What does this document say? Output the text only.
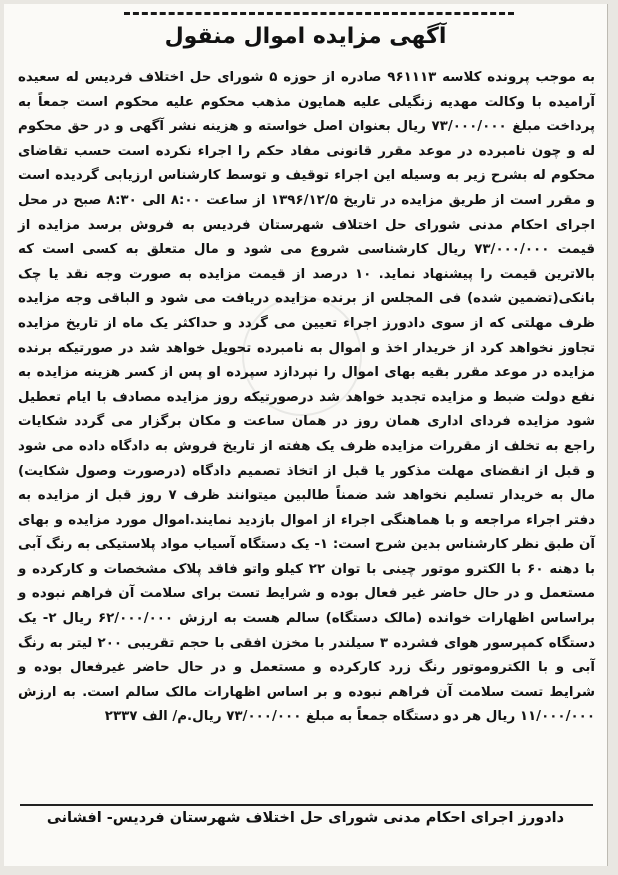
آگهی مزایده اموال منقول
به موجب پرونده کلاسه ۹۶۱۱۱۳ صادره از حوزه ۵ شورای حل اختلاف فردیس له سعیده آرامیده با وکالت مهدیه زنگیلی علیه همایون مذهب محکوم علیه محکوم است جمعاً به پرداخت مبلغ ۷۳/۰۰۰/۰۰۰ ریال بعنوان اصل خواسته و هزینه نشر آگهی و در حق محکوم له و چون نامبرده در موعد مقرر قانونی مفاد حکم را اجراء نکرده است حسب تقاضای محکوم له بشرح زیر به وسیله این اجراء توقیف و توسط کارشناس ارزیابی گردیده است و مقرر است از طریق مزایده در تاریخ ۱۳۹۶/۱۲/۵ از ساعت ۸:۰۰ الی ۸:۳۰ صبح در محل اجرای احکام مدنی شورای حل اختلاف شهرستان فردیس به فروش برسد مزایده از قیمت ۷۳/۰۰۰/۰۰۰ ریال کارشناسی شروع می شود و مال متعلق به کسی است که بالاترین قیمت را پیشنهاد نماید. ۱۰ درصد از قیمت مزایده به صورت وجه نقد یا چک بانکی(تضمین شده) فی المجلس از برنده مزایده دریافت می شود و الباقی وجه مزایده ظرف مهلتی که از سوی دادورز اجراء تعیین می گردد و حداکثر یک ماه از تاریخ مزایده تجاوز نخواهد کرد از خریدار اخذ و اموال به نامبرده تحویل خواهد شد در صورتیکه برنده مزایده در موعد مقرر بقیه بهای اموال را نپردازد سپرده او پس از کسر هزینه مزایده به نفع دولت ضبط و مزایده تجدید خواهد شد درصورتیکه روز مزایده مصادف با ایام تعطیل شود مزایده فردای اداری همان روز در همان ساعت و مکان برگزار می گردد شکایات راجع به تخلف از مقررات مزایده ظرف یک هفته از تاریخ فروش به دادگاه داده می شود و قبل از انقضای مهلت مذکور یا قبل از اتخاذ تصمیم دادگاه (درصورت وصول شکایت) مال به خریدار تسلیم نخواهد شد ضمناً طالبین میتوانند ظرف ۷ روز قبل از مزایده به دفتر اجراء مراجعه و با هماهنگی اجراء از اموال بازدید نمایند.اموال مورد مزایده و بهای آن طبق نظر کارشناس بدین شرح است: ۱- یک دستگاه آسیاب مواد پلاستیکی به رنگ آبی با دهنه ۶۰ با الکترو موتور چینی با توان ۲۲ کیلو واتو فاقد پلاک مشخصات و کارکرده و مستعمل و در حال حاضر غیر فعال بوده و شرایط تست برای سلامت آن فراهم نبوده و براساس اظهارات خوانده (مالک دستگاه) سالم هست به ارزش ۶۲/۰۰۰/۰۰۰ ریال ۲- یک دستگاه کمپرسور هوای فشرده ۳ سیلندر با مخزن افقی با حجم تقریبی ۲۰۰ لیتر به رنگ آبی و با الکتروموتور رنگ زرد کارکرده و مستعمل و در حال حاضر غیرفعال بوده و شرایط تست سلامت آن فراهم نبوده و بر اساس اظهارات مالک سالم است. به ارزش ۱۱/۰۰۰/۰۰۰ ریال هر دو دستگاه جمعاً به مبلغ ۷۳/۰۰۰/۰۰۰ ریال.م/ الف ۲۳۳۷
دادورز اجرای احکام مدنی شورای حل اختلاف شهرستان فردیس- افشانی
